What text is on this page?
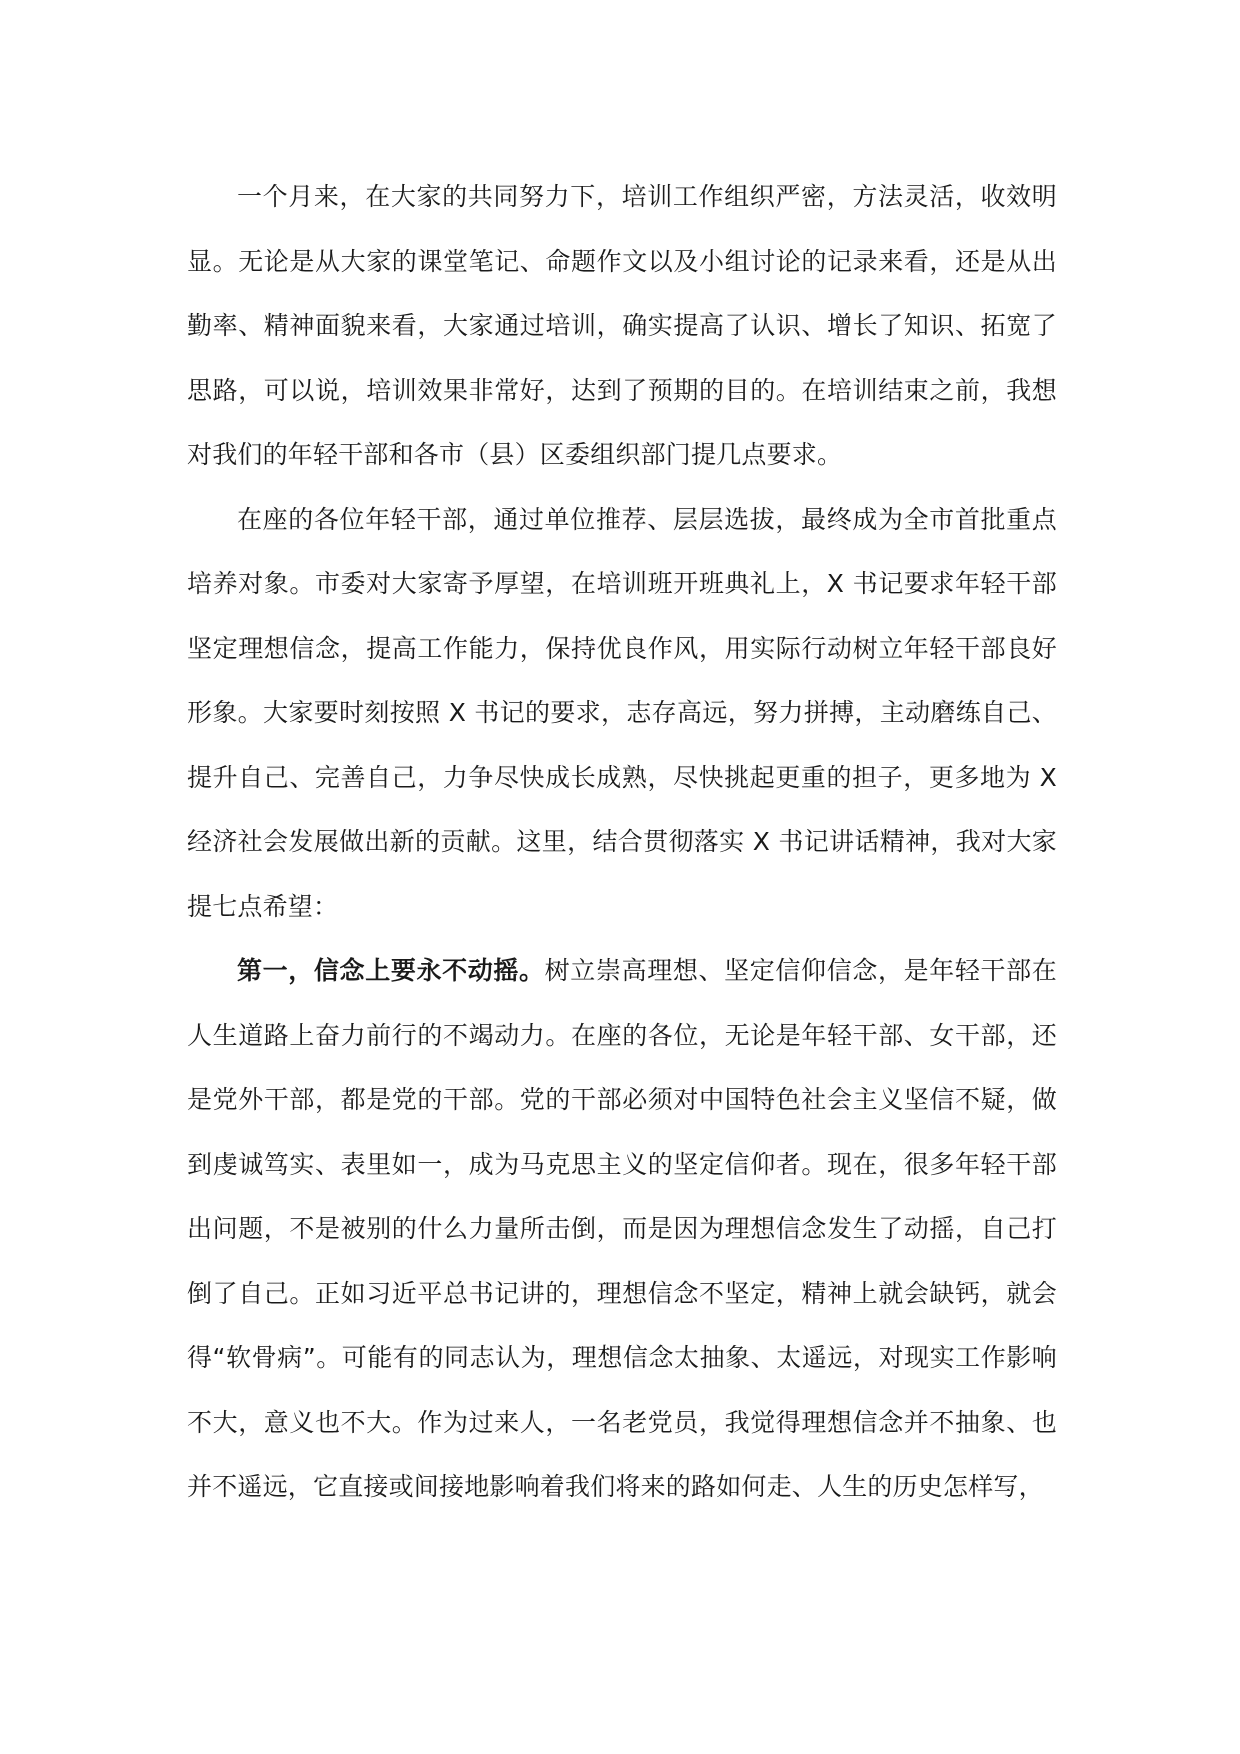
一个月来，在大家的共同努力下，培训工作组织严密，方法灵活，收效明显。无论是从大家的课堂笔记、命题作文以及小组讨论的记录来看，还是从出勤率、精神面貌来看，大家通过培训，确实提高了认识、增长了知识、拓宽了思路，可以说，培训效果非常好，达到了预期的目的。在培训结束之前，我想对我们的年轻干部和各市（县）区委组织部门提几点要求。

在座的各位年轻干部，通过单位推荐、层层选拔，最终成为全市首批重点培养对象。市委对大家寄予厚望，在培训班开班典礼上，X 书记要求年轻干部坚定理想信念，提高工作能力，保持优良作风，用实际行动树立年轻干部良好形象。大家要时刻按照 X 书记的要求，志存高远，努力拼搏，主动磨练自己、提升自己、完善自己，力争尽快成长成熟，尽快挑起更重的担子，更多地为 X 经济社会发展做出新的贡献。这里，结合贯彻落实 X 书记讲话精神，我对大家提七点希望：

第一，信念上要永不动摇。树立崇高理想、坚定信仰信念，是年轻干部在人生道路上奋力前行的不竭动力。在座的各位，无论是年轻干部、女干部，还是党外干部，都是党的干部。党的干部必须对中国特色社会主义坚信不疑，做到虔诚笃实、表里如一，成为马克思主义的坚定信仰者。现在，很多年轻干部出问题，不是被别的什么力量所击倒，而是因为理想信念发生了动摇，自己打倒了自己。正如习近平总书记讲的，理想信念不坚定，精神上就会缺钙，就会得“软骨病”。可能有的同志认为，理想信念太抽象、太遥远，对现实工作影响不大，意义也不大。作为过来人，一名老党员，我觉得理想信念并不抽象、也并不遥远，它直接或间接地影响着我们将来的路如何走、人生的历史怎样写，
